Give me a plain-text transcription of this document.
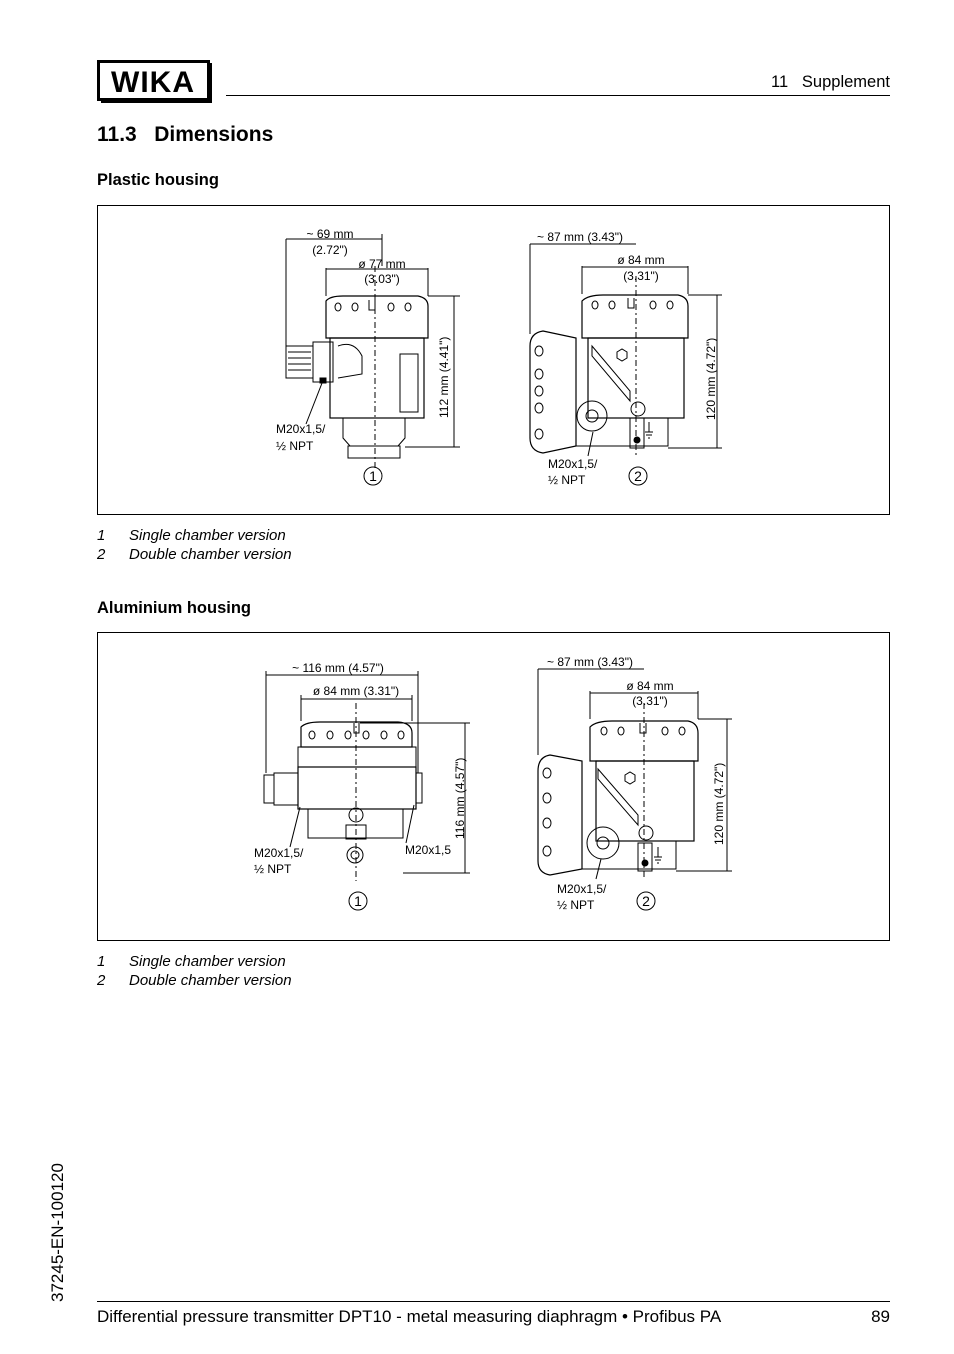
WIKA	11   Supplement
11.3   Dimensions
Plastic housing
~ 69 mm
(2.72")
ø 77 mm
(3.03")
112 mm (4.41")
M20x1,5/
½ NPT
1
~ 87 mm (3.43")
ø 84 mm
(3.31")
120 mm (4.72")
M20x1,5/
½ NPT	2
1 Single chamber version
2 Double chamber version
Aluminium housing
~ 116 mm (4.57")
ø 84 mm (3.31")
116 mm (4.57")
M20x1,5/
½ NPT
M20x1,5
1
~ 87 mm (3.43")
ø 84 mm
(3.31")
120 mm (4.72")
M20x1,5/
½ NPT	2
1 Single chamber version
2 Double chamber version
37245-EN-100120
Differential pressure transmitter DPT10 - metal measuring diaphragm • Profibus PA	89
